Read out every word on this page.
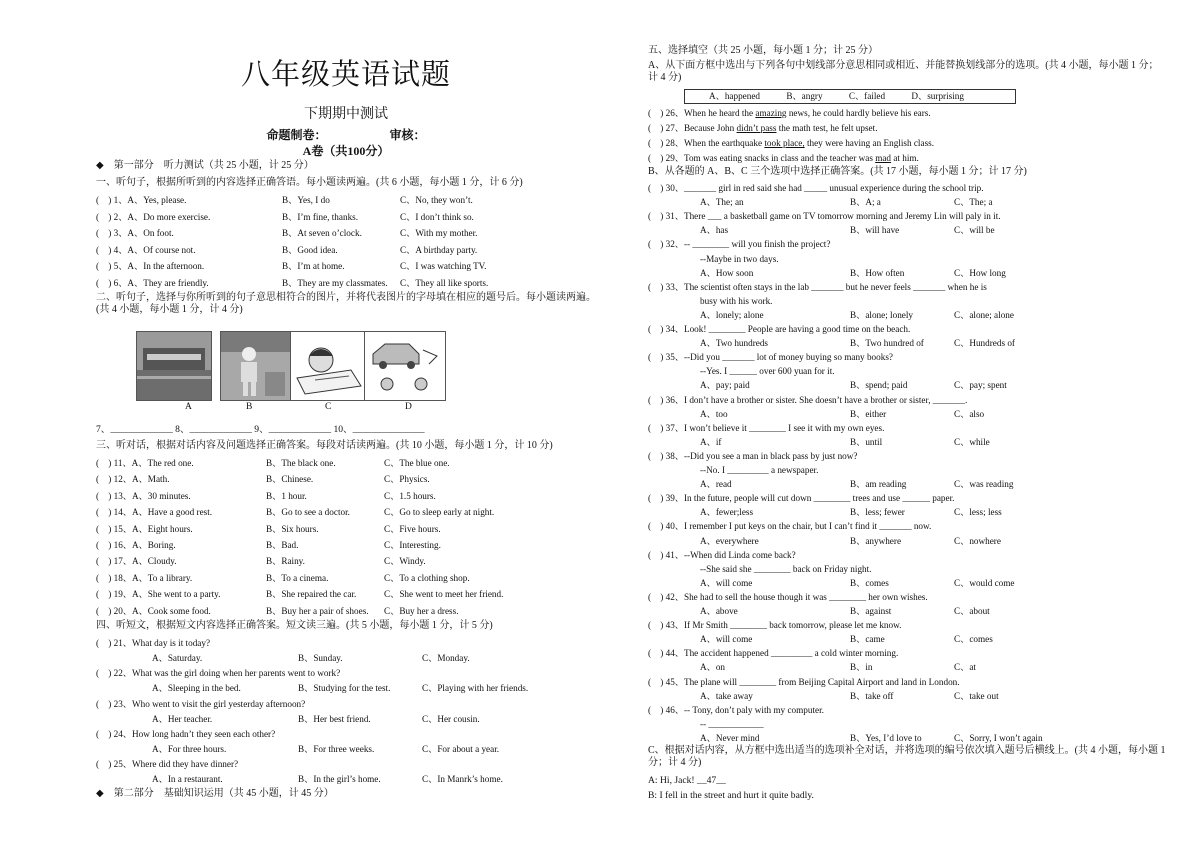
八年级英语试题
下期期中测试
命题制卷：	审核：
A卷（共100分）
◆　第一部分　听力测试（共 25 小题，计 25 分）
一、听句子，根据所听到的内容选择正确答语。每小题读两遍。(共 6 小题，每小题 1 分，计 6 分)
(　) 1、A、Yes, please.	B、Yes, I do	C、No, they won’t.
(　) 2、A、Do more exercise.	B、I’m fine, thanks.	C、I don’t think so.
(　) 3、A、On foot.	B、At seven o’clock.	C、With my mother.
(　) 4、A、Of course not.	B、Good idea.	C、A birthday party.
(　) 5、A、In the afternoon.	B、I’m at home.	C、I was watching TV.
(　) 6、A、They are friendly.	B、They are my classmates. C、They all like sports.
二、听句子，选择与你所听到的句子意思相符合的图片，并将代表图片的字母填在相应的题号后。每小题读两遍。(共 4 小题，每小题 1 分，计 4 分)
A	B	C	D
7、_____________ 8、_____________ 9、_____________ 10、_______________
三、听对话，根据对话内容及问题选择正确答案。每段对话读两遍。(共 10 小题，每小题 1 分，计 10 分)
(　) 11、A、The red one.	B、The black one.	C、The blue one.
(　) 12、A、Math.	B、Chinese.	C、Physics.
(　) 13、A、30 minutes.	B、1 hour.	C、1.5 hours.
(　) 14、A、Have a good rest.	B、Go to see a doctor.	C、Go to sleep early at night.
(　) 15、A、Eight hours.	B、Six hours.	C、Five hours.
(　) 16、A、Boring.	B、Bad.	C、Interesting.
(　) 17、A、Cloudy.	B、Rainy.	C、Windy.
(　) 18、A、To a library.	B、To a cinema.	C、To a clothing shop.
(　) 19、A、She went to a party.	B、She repaired the car.	C、She went to meet her friend.
(　) 20、A、Cook some food.	B、Buy her a pair of shoes. C、Buy her a dress.
四、听短文，根据短文内容选择正确答案。短文读三遍。(共 5 小题，每小题 1 分，计 5 分)
(　) 21、What day is it today?
A、Saturday.	B、Sunday.	C、Monday.
(　) 22、What was the girl doing when her parents went to work?
A、Sleeping in the bed.	B、Studying for the test.	C、Playing with her friends.
(　) 23、Who went to visit the girl yesterday afternoon?
A、Her teacher.	B、Her best friend.	C、Her cousin.
(　) 24、How long hadn’t they seen each other?
A、For three hours.	B、For three weeks.	C、For about a year.
(　) 25、Where did they have dinner?
A、In a restaurant.	B、In the girl’s home.	C、In Manrk’s home.
◆　第二部分　基础知识运用（共 45 小题，计 45 分）
五、选择填空（共 25 小题，每小题 1 分；计 25 分）
A、从下面方框中选出与下列各句中划线部分意思相同或相近、并能替换划线部分的选项。(共 4 小题，每小题 1 分；计 4 分)
A、happened	B、angry	C、failed	D、surprising
(　) 26、When he heard the amazing news, he could hardly believe his ears.
(　) 27、Because John didn’t pass the math test, he felt upset.
(　) 28、When the earthquake took place, they were having an English class.
(　) 29、Tom was eating snacks in class and the teacher was mad at him.
B、从各题的 A、B、C 三个选项中选择正确答案。(共 17 小题，每小题 1 分；计 17 分)
(　) 30、_______ girl in red said she had _____ unusual experience during the school trip.
A、The; an	B、A; a	C、The; a
(　) 31、There ___ a basketball game on TV tomorrow morning and Jeremy Lin will paly in it.
A、has	B、will have	C、will be
(　) 32、-- ________ will you finish the project?
--Maybe in two days.
A、How soon	B、How often	C、How long
(　) 33、The scientist often stays in the lab _______ but he never feels _______ when he is
busy with his work.
A、lonely; alone	B、alone; lonely	C、alone; alone
(　) 34、Look! ________ People are having a good time on the beach.
A、Two hundreds	B、Two hundred of	C、Hundreds of
(　) 35、--Did you _______ lot of money buying so many books?
--Yes. I ______ over 600 yuan for it.
A、pay; paid	B、spend; paid	C、pay; spent
(　) 36、I don’t have a brother or sister. She doesn’t have a brother or sister, _______.
A、too	B、either	C、also
(　) 37、I won’t believe it ________ I see it with my own eyes.
A、if	B、until	C、while
(　) 38、--Did you see a man in black pass by just now?
--No. I _________ a newspaper.
A、read	B、am reading	C、was reading
(　) 39、In the future, people will cut down ________ trees and use ______ paper.
A、fewer;less	B、less; fewer	C、less; less
(　) 40、I remember I put keys on the chair, but I can’t find it _______ now.
A、everywhere	B、anywhere	C、nowhere
(　) 41、--When did Linda come back?
--She said she ________ back on Friday night.
A、will come	B、comes	C、would come
(　) 42、She had to sell the house though it was ________ her own wishes.
A、above	B、against	C、about
(　) 43、If Mr Smith ________ back tomorrow, please let me know.
A、will come	B、came	C、comes
(　) 44、The accident happened _________ a cold winter morning.
A、on	B、in	C、at
(　) 45、The plane will ________ from Beijing Capital Airport and land in London.
A、take away	B、take off	C、take out
(　) 46、-- Tony, don’t paly with my computer.
-- ____________
A、Never mind	B、Yes, I’d love to	C、Sorry, I won’t again
C、根据对话内容，从方框中选出适当的选项补全对话，并将选项的编号依次填入题号后横线上。(共 4 小题，每小题 1 分；计 4 分)
A: Hi, Jack! __47__
B: I fell in the street and hurt it quite badly.
